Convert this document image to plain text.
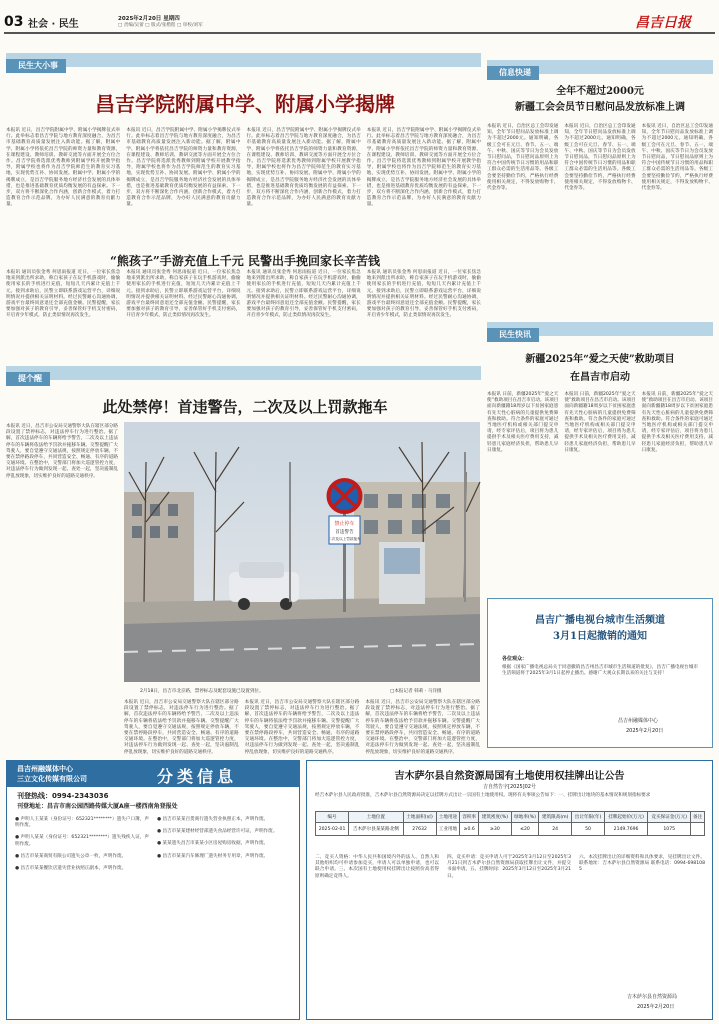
03 社会 · 民生	2025年2月20日 星期四
□ 责编/吴蕾 □ 版式/张楷程 □ 审校/刘军	昌吉日报
民生大小事
昌吉学院附属中学、附属小学揭牌
本报讯 近日，昌吉学院附属中学、附属小学揭牌仪式举行。此举标志着昌吉学院与地方教育深度融合，为昌吉市基础教育高质量发展注入新动能。据了解，附属中学、附属小学将依托昌吉学院的师资力量和教育资源，在课程建设、教师培训、教研交流等方面开展全方位合作。昌吉学院将选派优秀教师到附属学校开展教学指导，附属学校也将作为昌吉学院师范生的教育实习基地，实现优势互补、协同发展。附属中学、附属小学的揭牌成立，是昌吉学院服务地方经济社会发展的具体举措，也是推进基础教育优质均衡发展的有益探索。下一步，双方将不断深化合作内涵，创新合作模式，着力打造教育合作示范品牌，为办好人民满意的教育贡献力量。
本报讯 近日，昌吉学院附属中学、附属小学揭牌仪式举行。此举标志着昌吉学院与地方教育深度融合，为昌吉市基础教育高质量发展注入新动能。据了解，附属中学、附属小学将依托昌吉学院的师资力量和教育资源，在课程建设、教师培训、教研交流等方面开展全方位合作。昌吉学院将选派优秀教师到附属学校开展教学指导，附属学校也将作为昌吉学院师范生的教育实习基地，实现优势互补、协同发展。附属中学、附属小学的揭牌成立，是昌吉学院服务地方经济社会发展的具体举措，也是推进基础教育优质均衡发展的有益探索。下一步，双方将不断深化合作内涵，创新合作模式，着力打造教育合作示范品牌，为办好人民满意的教育贡献力量。
本报讯 近日，昌吉学院附属中学、附属小学揭牌仪式举行。此举标志着昌吉学院与地方教育深度融合，为昌吉市基础教育高质量发展注入新动能。据了解，附属中学、附属小学将依托昌吉学院的师资力量和教育资源，在课程建设、教师培训、教研交流等方面开展全方位合作。昌吉学院将选派优秀教师到附属学校开展教学指导，附属学校也将作为昌吉学院师范生的教育实习基地，实现优势互补、协同发展。附属中学、附属小学的揭牌成立，是昌吉学院服务地方经济社会发展的具体举措，也是推进基础教育优质均衡发展的有益探索。下一步，双方将不断深化合作内涵，创新合作模式，着力打造教育合作示范品牌，为办好人民满意的教育贡献力量。
本报讯 近日，昌吉学院附属中学、附属小学揭牌仪式举行。此举标志着昌吉学院与地方教育深度融合，为昌吉市基础教育高质量发展注入新动能。据了解，附属中学、附属小学将依托昌吉学院的师资力量和教育资源，在课程建设、教师培训、教研交流等方面开展全方位合作。昌吉学院将选派优秀教师到附属学校开展教学指导，附属学校也将作为昌吉学院师范生的教育实习基地，实现优势互补、协同发展。附属中学、附属小学的揭牌成立，是昌吉学院服务地方经济社会发展的具体举措，也是推进基础教育优质均衡发展的有益探索。下一步，双方将不断深化合作内涵，创新合作模式，着力打造教育合作示范品牌，为办好人民满意的教育贡献力量。
“熊孩子”手游充值上千元 民警出手挽回家长辛苦钱
本报讯 通讯员张金秀 何思雨报道 近日，一位家长焦急地来到派出所求助，称自家孩子在玩手机游戏时，偷偷使用家长的手机进行充值，短短几天内累计充值上千元。接到求助后，民警立即联系游戏运营平台，详细说明情况并提供相关证明材料。经过民警耐心沟通协调，游戏平台最终同意退还全部充值金额。民警提醒，家长要加强对孩子的教育引导，妥善保管好手机支付密码，开启青少年模式，防止类似情况再次发生。
本报讯 通讯员张金秀 何思雨报道 近日，一位家长焦急地来到派出所求助，称自家孩子在玩手机游戏时，偷偷使用家长的手机进行充值，短短几天内累计充值上千元。接到求助后，民警立即联系游戏运营平台，详细说明情况并提供相关证明材料。经过民警耐心沟通协调，游戏平台最终同意退还全部充值金额。民警提醒，家长要加强对孩子的教育引导，妥善保管好手机支付密码，开启青少年模式，防止类似情况再次发生。
本报讯 通讯员张金秀 何思雨报道 近日，一位家长焦急地来到派出所求助，称自家孩子在玩手机游戏时，偷偷使用家长的手机进行充值，短短几天内累计充值上千元。接到求助后，民警立即联系游戏运营平台，详细说明情况并提供相关证明材料。经过民警耐心沟通协调，游戏平台最终同意退还全部充值金额。民警提醒，家长要加强对孩子的教育引导，妥善保管好手机支付密码，开启青少年模式，防止类似情况再次发生。
本报讯 通讯员张金秀 何思雨报道 近日，一位家长焦急地来到派出所求助，称自家孩子在玩手机游戏时，偷偷使用家长的手机进行充值，短短几天内累计充值上千元。接到求助后，民警立即联系游戏运营平台，详细说明情况并提供相关证明材料。经过民警耐心沟通协调，游戏平台最终同意退还全部充值金额。民警提醒，家长要加强对孩子的教育引导，妥善保管好手机支付密码，开启青少年模式，防止类似情况再次发生。
提个醒
此处禁停！首违警告，二次及以上罚款拖车
本报讯 近日，昌吉市公安局交通警察大队在辖区部分路段设置了禁停标志，对违法停车行为进行整治。据了解，首次违法停车的车辆将给予警告，二次及以上违法停车的车辆将依法给予罚款并拖移车辆。交警提醒广大驾驶人，要自觉遵守交通法规，按照规定停放车辆，不要在禁停路段停车，共同营造安全、畅通、有序的道路交通环境。在整治中，交警部门将加大巡逻管控力度，对违法停车行为做到发现一起、查处一起，坚决遏制乱停乱放现象，切实维护良好的道路交通秩序。
禁止停车
首违警告
二次及以上罚款拖车
2月18日，昌吉市北京路，禁停标志及配套设施已设置到位。	□本报记者 韩莉 · 马洋摄
本报讯 近日，昌吉市公安局交通警察大队在辖区部分路段设置了禁停标志，对违法停车行为进行整治。据了解，首次违法停车的车辆将给予警告，二次及以上违法停车的车辆将依法给予罚款并拖移车辆。交警提醒广大驾驶人，要自觉遵守交通法规，按照规定停放车辆，不要在禁停路段停车，共同营造安全、畅通、有序的道路交通环境。在整治中，交警部门将加大巡逻管控力度，对违法停车行为做到发现一起、查处一起，坚决遏制乱停乱放现象，切实维护良好的道路交通秩序。
本报讯 近日，昌吉市公安局交通警察大队在辖区部分路段设置了禁停标志，对违法停车行为进行整治。据了解，首次违法停车的车辆将给予警告，二次及以上违法停车的车辆将依法给予罚款并拖移车辆。交警提醒广大驾驶人，要自觉遵守交通法规，按照规定停放车辆，不要在禁停路段停车，共同营造安全、畅通、有序的道路交通环境。在整治中，交警部门将加大巡逻管控力度，对违法停车行为做到发现一起、查处一起，坚决遏制乱停乱放现象，切实维护良好的道路交通秩序。
本报讯 近日，昌吉市公安局交通警察大队在辖区部分路段设置了禁停标志，对违法停车行为进行整治。据了解，首次违法停车的车辆将给予警告，二次及以上违法停车的车辆将依法给予罚款并拖移车辆。交警提醒广大驾驶人，要自觉遵守交通法规，按照规定停放车辆，不要在禁停路段停车，共同营造安全、畅通、有序的道路交通环境。在整治中，交警部门将加大巡逻管控力度，对违法停车行为做到发现一起、查处一起，坚决遏制乱停乱放现象，切实维护良好的道路交通秩序。
信息快递
全年不超过2000元
新疆工会会员节日慰问品发放标准上调
本报讯 近日，自治区总工会印发通知，全年节日慰问品发放标准上调为不超过2000元。通知明确，各级工会可在元旦、春节、五一、端午、中秋、国庆等节日为会员发放节日慰问品，节日慰问品原则上为符合中国传统节日习惯的用品和职工群众必需的生活用品等。各级工会要坚持勤俭节约，严格执行经费使用相关规定，不得发放购物卡、代金券等。
本报讯 近日，自治区总工会印发通知，全年节日慰问品发放标准上调为不超过2000元。通知明确，各级工会可在元旦、春节、五一、端午、中秋、国庆等节日为会员发放节日慰问品，节日慰问品原则上为符合中国传统节日习惯的用品和职工群众必需的生活用品等。各级工会要坚持勤俭节约，严格执行经费使用相关规定，不得发放购物卡、代金券等。
本报讯 近日，自治区总工会印发通知，全年节日慰问品发放标准上调为不超过2000元。通知明确，各级工会可在元旦、春节、五一、端午、中秋、国庆等节日为会员发放节日慰问品，节日慰问品原则上为符合中国传统节日习惯的用品和职工群众必需的生活用品等。各级工会要坚持勤俭节约，严格执行经费使用相关规定，不得发放购物卡、代金券等。
民生快讯
新疆2025年“爱之天使”救助项目
在昌吉市启动
本报讯 日前，新疆2025年“爱之天使”救助项目在昌吉市启动。该项目面向新疆籍18周岁以下贫困家庭患有先天性心脏病的儿童提供免费筛查和救助。符合条件的家庭可通过当地医疗机构或相关部门提交申请，经专家评估后，项目将为患儿提供手术及相关医疗费用支持，减轻患儿家庭经济负担，帮助患儿早日康复。
本报讯 日前，新疆2025年“爱之天使”救助项目在昌吉市启动。该项目面向新疆籍18周岁以下贫困家庭患有先天性心脏病的儿童提供免费筛查和救助。符合条件的家庭可通过当地医疗机构或相关部门提交申请，经专家评估后，项目将为患儿提供手术及相关医疗费用支持，减轻患儿家庭经济负担，帮助患儿早日康复。
本报讯 日前，新疆2025年“爱之天使”救助项目在昌吉市启动。该项目面向新疆籍18周岁以下贫困家庭患有先天性心脏病的儿童提供免费筛查和救助。符合条件的家庭可通过当地医疗机构或相关部门提交申请，经专家评估后，项目将为患儿提供手术及相关医疗费用支持，减轻患儿家庭经济负担，帮助患儿早日康复。
昌吉广播电视台城市生活频道
3月1日起撤销的通知
各位观众：
根据《国家广播电视总局关于同意撤销昌吉州昌吉市城市生活频道的批复》，昌吉广播电视台城市生活频道将于2025年3月1日起停止播出。感谢广大观众长期以来的关注与支持！
昌吉州融媒体中心
2025年2月20日
昌吉州融媒体中心
三立文化传媒有限公司	分类信息
刊登热线：0994-2343036
刊登地址：昌吉市南公园西路传媒大厦A座一楼西南角登报处
● 声明人王某某（身份证号：652321********）遗失户口簿，声明作废。
● 声明人某某（身份证号：652321********）遗失残疾人证，声明作废。
● 昌吉市某某商贸有限公司遗失公章一枚，声明作废。
● 昌吉市某某餐饮店遗失营业执照正副本，声明作废。
● 昌吉市某某百货商行遗失营业执照正本，声明作废。
● 昌吉市某某建材经营部遗失食品经营许可证，声明作废。
● 某某遗失昌吉市某某小区房屋购房收据，声明作废。
● 昌吉市某某汽车修理厂遗失财务专用章，声明作废。
吉木萨尔县自然资源局国有土地使用权挂牌出让公告
吉自然告字[2025]02号
经吉木萨尔县人民政府批准，吉木萨尔县自然资源局决定以挂牌方式出让一宗国有土地使用权。现将有关事项公告如下：一、挂牌出让地块的基本情况和规划指标要求
编号	土地位置	土地面积(㎡)	土地用途	容积率	建筑密度(%)	绿地率(%)	建筑限高(m)	出让年限(年)	挂牌起始价(万元)	竞买保证金(万元)	备注
2025-02-01	吉木萨尔县某某路北侧	27632	工业用地	≥0.6	≥30	≤20	24	50	2149.7696	1075	
二、竞买人资格：中华人民共和国境内外的法人、自然人和其他组织均可申请参加竞买，申请人可以单独申请，也可以联合申请。三、本次国有土地使用权挂牌出让按照价高者得原则确定竞得人。
四、竞买申请：竞买申请人可于2025年3月12日至2025年3月21日到吉木萨尔县自然资源局获取挂牌出让文件，并提交书面申请。五、挂牌时间：2025年3月12日至2025年3月21日。
六、本次挂牌出让的详细资料和具体要求，见挂牌出让文件。联系地址：吉木萨尔县自然资源局 联系电话：0994-6981085
吉木萨尔县自然资源局
2025年2月20日
